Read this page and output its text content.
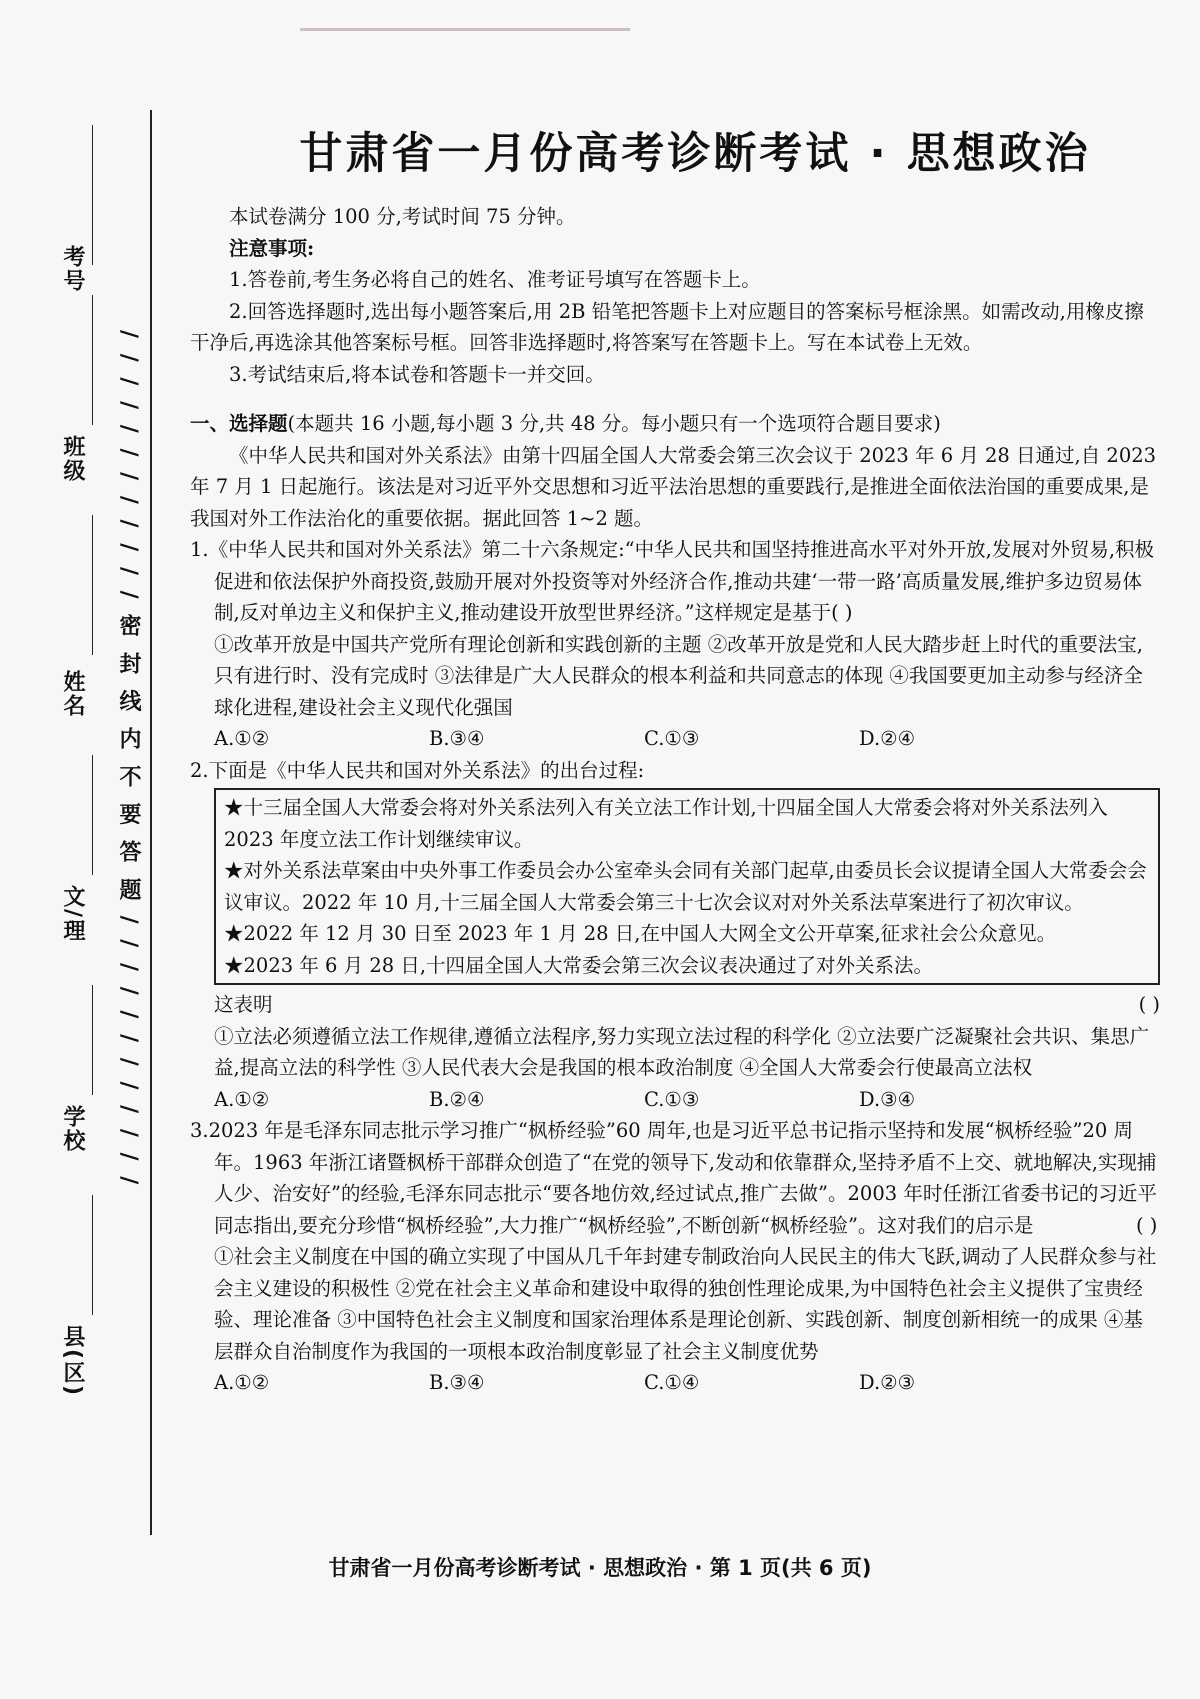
考号
班级
姓名
文/理
学校
县(区)
/ / / / / / / / / / / / 密 封 线 内 不 要 答 题 / / / / / / / / / / / /
甘肃省一月份高考诊断考试 · 思想政治

本试卷满分 100 分,考试时间 75 分钟。

注意事项:

1.答卷前,考生务必将自己的姓名、准考证号填写在答题卡上。

2.回答选择题时,选出每小题答案后,用 2B 铅笔把答题卡上对应题目的答案标号框涂黑。如需改动,用橡皮擦干净后,再选涂其他答案标号框。回答非选择题时,将答案写在答题卡上。写在本试卷上无效。

3.考试结束后,将本试卷和答题卡一并交回。

一、选择题(本题共 16 小题,每小题 3 分,共 48 分。每小题只有一个选项符合题目要求)

《中华人民共和国对外关系法》由第十四届全国人大常委会第三次会议于 2023 年 6 月 28 日通过,自 2023 年 7 月 1 日起施行。该法是对习近平外交思想和习近平法治思想的重要践行,是推进全面依法治国的重要成果,是我国对外工作法治化的重要依据。据此回答 1~2 题。

1.《中华人民共和国对外关系法》第二十六条规定:“中华人民共和国坚持推进高水平对外开放,发展对外贸易,积极促进和依法保护外商投资,鼓励开展对外投资等对外经济合作,推动共建‘一带一路’高质量发展,维护多边贸易体制,反对单边主义和保护主义,推动建设开放型世界经济。”这样规定是基于( )

①改革开放是中国共产党所有理论创新和实践创新的主题 ②改革开放是党和人民大踏步赶上时代的重要法宝,只有进行时、没有完成时 ③法律是广大人民群众的根本利益和共同意志的体现 ④我国要更加主动参与经济全球化进程,建设社会主义现代化强国

A.①②	B.③④	C.①③	D.②④

2.下面是《中华人民共和国对外关系法》的出台过程:

★十三届全国人大常委会将对外关系法列入有关立法工作计划,十四届全国人大常委会将对外关系法列入 2023 年度立法工作计划继续审议。

★对外关系法草案由中央外事工作委员会办公室牵头会同有关部门起草,由委员长会议提请全国人大常委会会议审议。2022 年 10 月,十三届全国人大常委会第三十七次会议对对外关系法草案进行了初次审议。

★2022 年 12 月 30 日至 2023 年 1 月 28 日,在中国人大网全文公开草案,征求社会公众意见。

★2023 年 6 月 28 日,十四届全国人大常委会第三次会议表决通过了对外关系法。

这表明	( )

①立法必须遵循立法工作规律,遵循立法程序,努力实现立法过程的科学化 ②立法要广泛凝聚社会共识、集思广益,提高立法的科学性 ③人民代表大会是我国的根本政治制度 ④全国人大常委会行使最高立法权

A.①②	B.②④	C.①③	D.③④

3.2023 年是毛泽东同志批示学习推广“枫桥经验”60 周年,也是习近平总书记指示坚持和发展“枫桥经验”20 周年。1963 年浙江诸暨枫桥干部群众创造了“在党的领导下,发动和依靠群众,坚持矛盾不上交、就地解决,实现捕人少、治安好”的经验,毛泽东同志批示“要各地仿效,经过试点,推广去做”。2003 年时任浙江省委书记的习近平同志指出,要充分珍惜“枫桥经验”,大力推广“枫桥经验”,不断创新“枫桥经验”。这对我们的启示是	( )

①社会主义制度在中国的确立实现了中国从几千年封建专制政治向人民民主的伟大飞跃,调动了人民群众参与社会主义建设的积极性 ②党在社会主义革命和建设中取得的独创性理论成果,为中国特色社会主义提供了宝贵经验、理论准备 ③中国特色社会主义制度和国家治理体系是理论创新、实践创新、制度创新相统一的成果 ④基层群众自治制度作为我国的一项根本政治制度彰显了社会主义制度优势

A.①②	B.③④	C.①④	D.②③
甘肃省一月份高考诊断考试 · 思想政治 · 第 1 页(共 6 页)
